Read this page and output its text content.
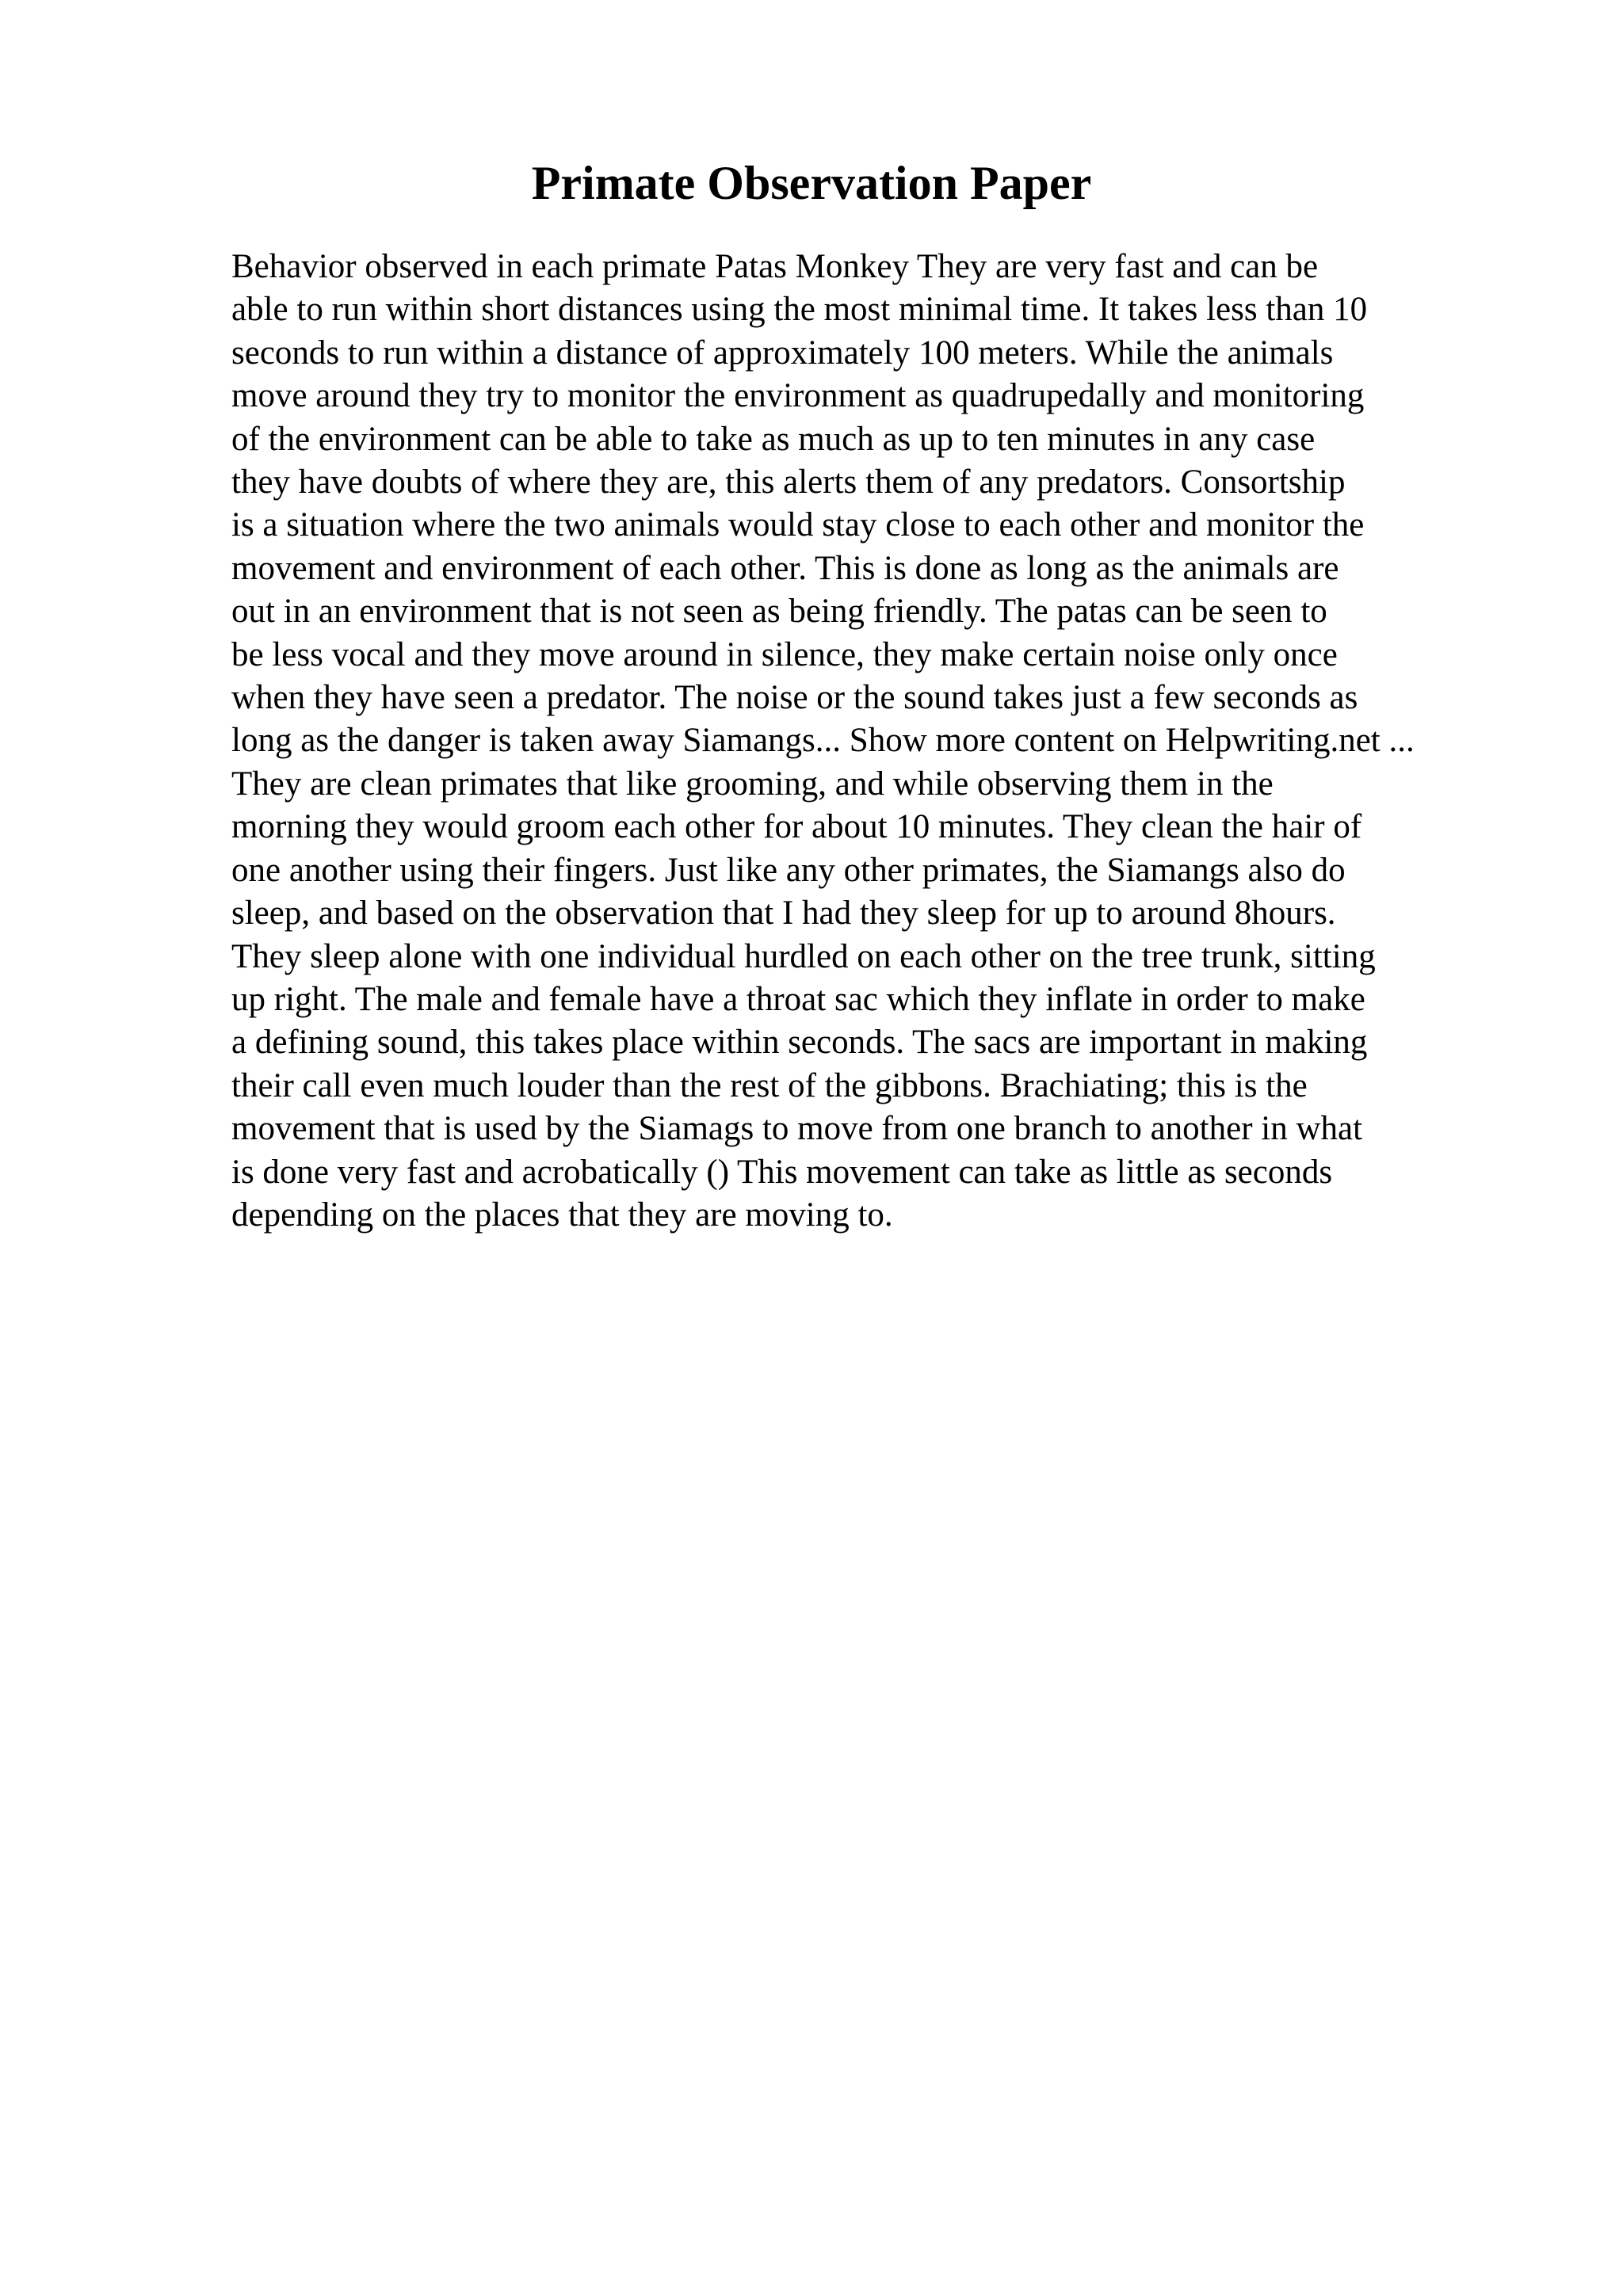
Primate Observation Paper
Behavior observed in each primate Patas Monkey They are very fast and can be
able to run within short distances using the most minimal time. It takes less than 10
seconds to run within a distance of approximately 100 meters. While the animals
move around they try to monitor the environment as quadrupedally and monitoring
of the environment can be able to take as much as up to ten minutes in any case
they have doubts of where they are, this alerts them of any predators. Consortship
is a situation where the two animals would stay close to each other and monitor the
movement and environment of each other. This is done as long as the animals are
out in an environment that is not seen as being friendly. The patas can be seen to
be less vocal and they move around in silence, they make certain noise only once
when they have seen a predator. The noise or the sound takes just a few seconds as
long as the danger is taken away Siamangs... Show more content on Helpwriting.net ...
They are clean primates that like grooming, and while observing them in the
morning they would groom each other for about 10 minutes. They clean the hair of
one another using their fingers. Just like any other primates, the Siamangs also do
sleep, and based on the observation that I had they sleep for up to around 8hours.
They sleep alone with one individual hurdled on each other on the tree trunk, sitting
up right. The male and female have a throat sac which they inflate in order to make
a defining sound, this takes place within seconds. The sacs are important in making
their call even much louder than the rest of the gibbons. Brachiating; this is the
movement that is used by the Siamags to move from one branch to another in what
is done very fast and acrobatically () This movement can take as little as seconds
depending on the places that they are moving to.
